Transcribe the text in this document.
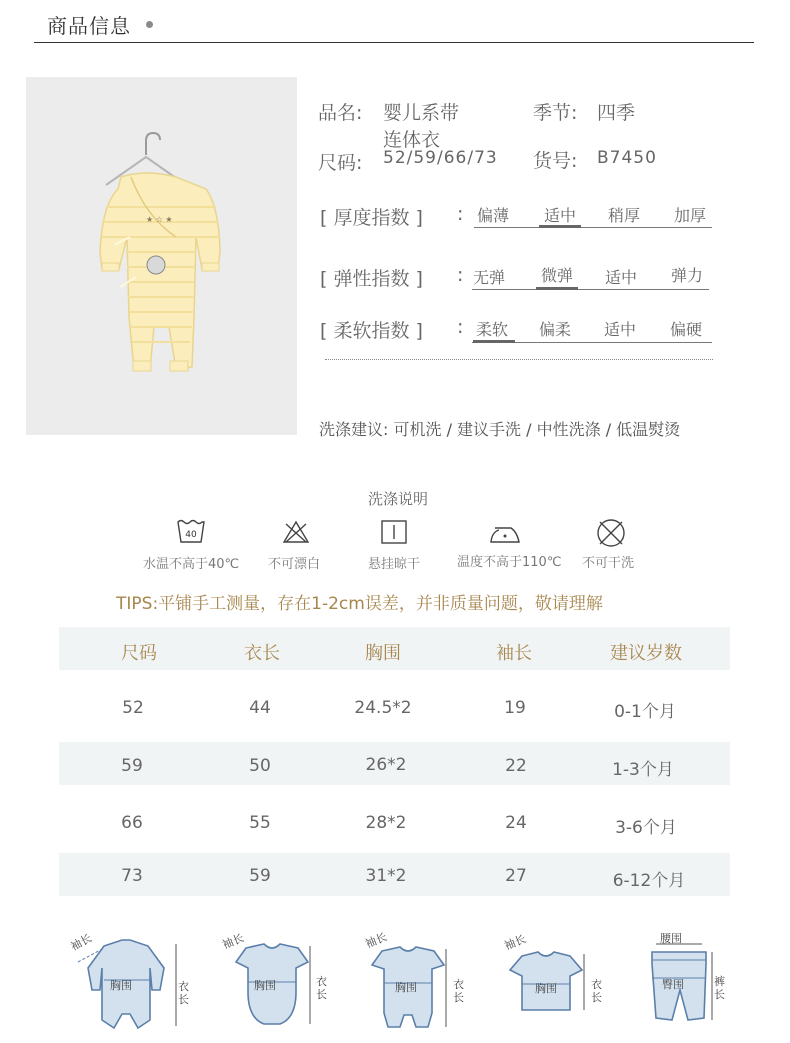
商品信息
★ ☆ ★
品名: 婴儿系带
连体衣
季节: 四季
尺码: 52/59/66/73 货号: B7450
[ 厚度指数 ] : 偏薄	适中	稍厚	加厚
[ 弹性指数 ] : 无弹	微弹	适中	弹力
[ 柔软指数 ] : 柔软	偏柔	适中	偏硬
洗涤建议: 可机洗 / 建议手洗 / 中性洗涤 / 低温熨烫
洗涤说明
40
水温不高于40℃ 不可漂白	悬挂晾干	温度不高于110℃ 不可干洗
TIPS:平铺手工测量，存在1-2cm误差，并非质量问题，敬请理解
尺码	衣长	胸围	袖长	建议岁数
52	44	24.5*2	19	0-1个月
59	50	26*2	22	1-3个月
66	55	28*2	24	3-6个月
73	59	31*2	27	6-12个月
袖长
胸围	衣长
袖长
胸围	衣长
袖长
胸围	衣长
袖长
胸围	衣长
腰围
臀围	裤长
